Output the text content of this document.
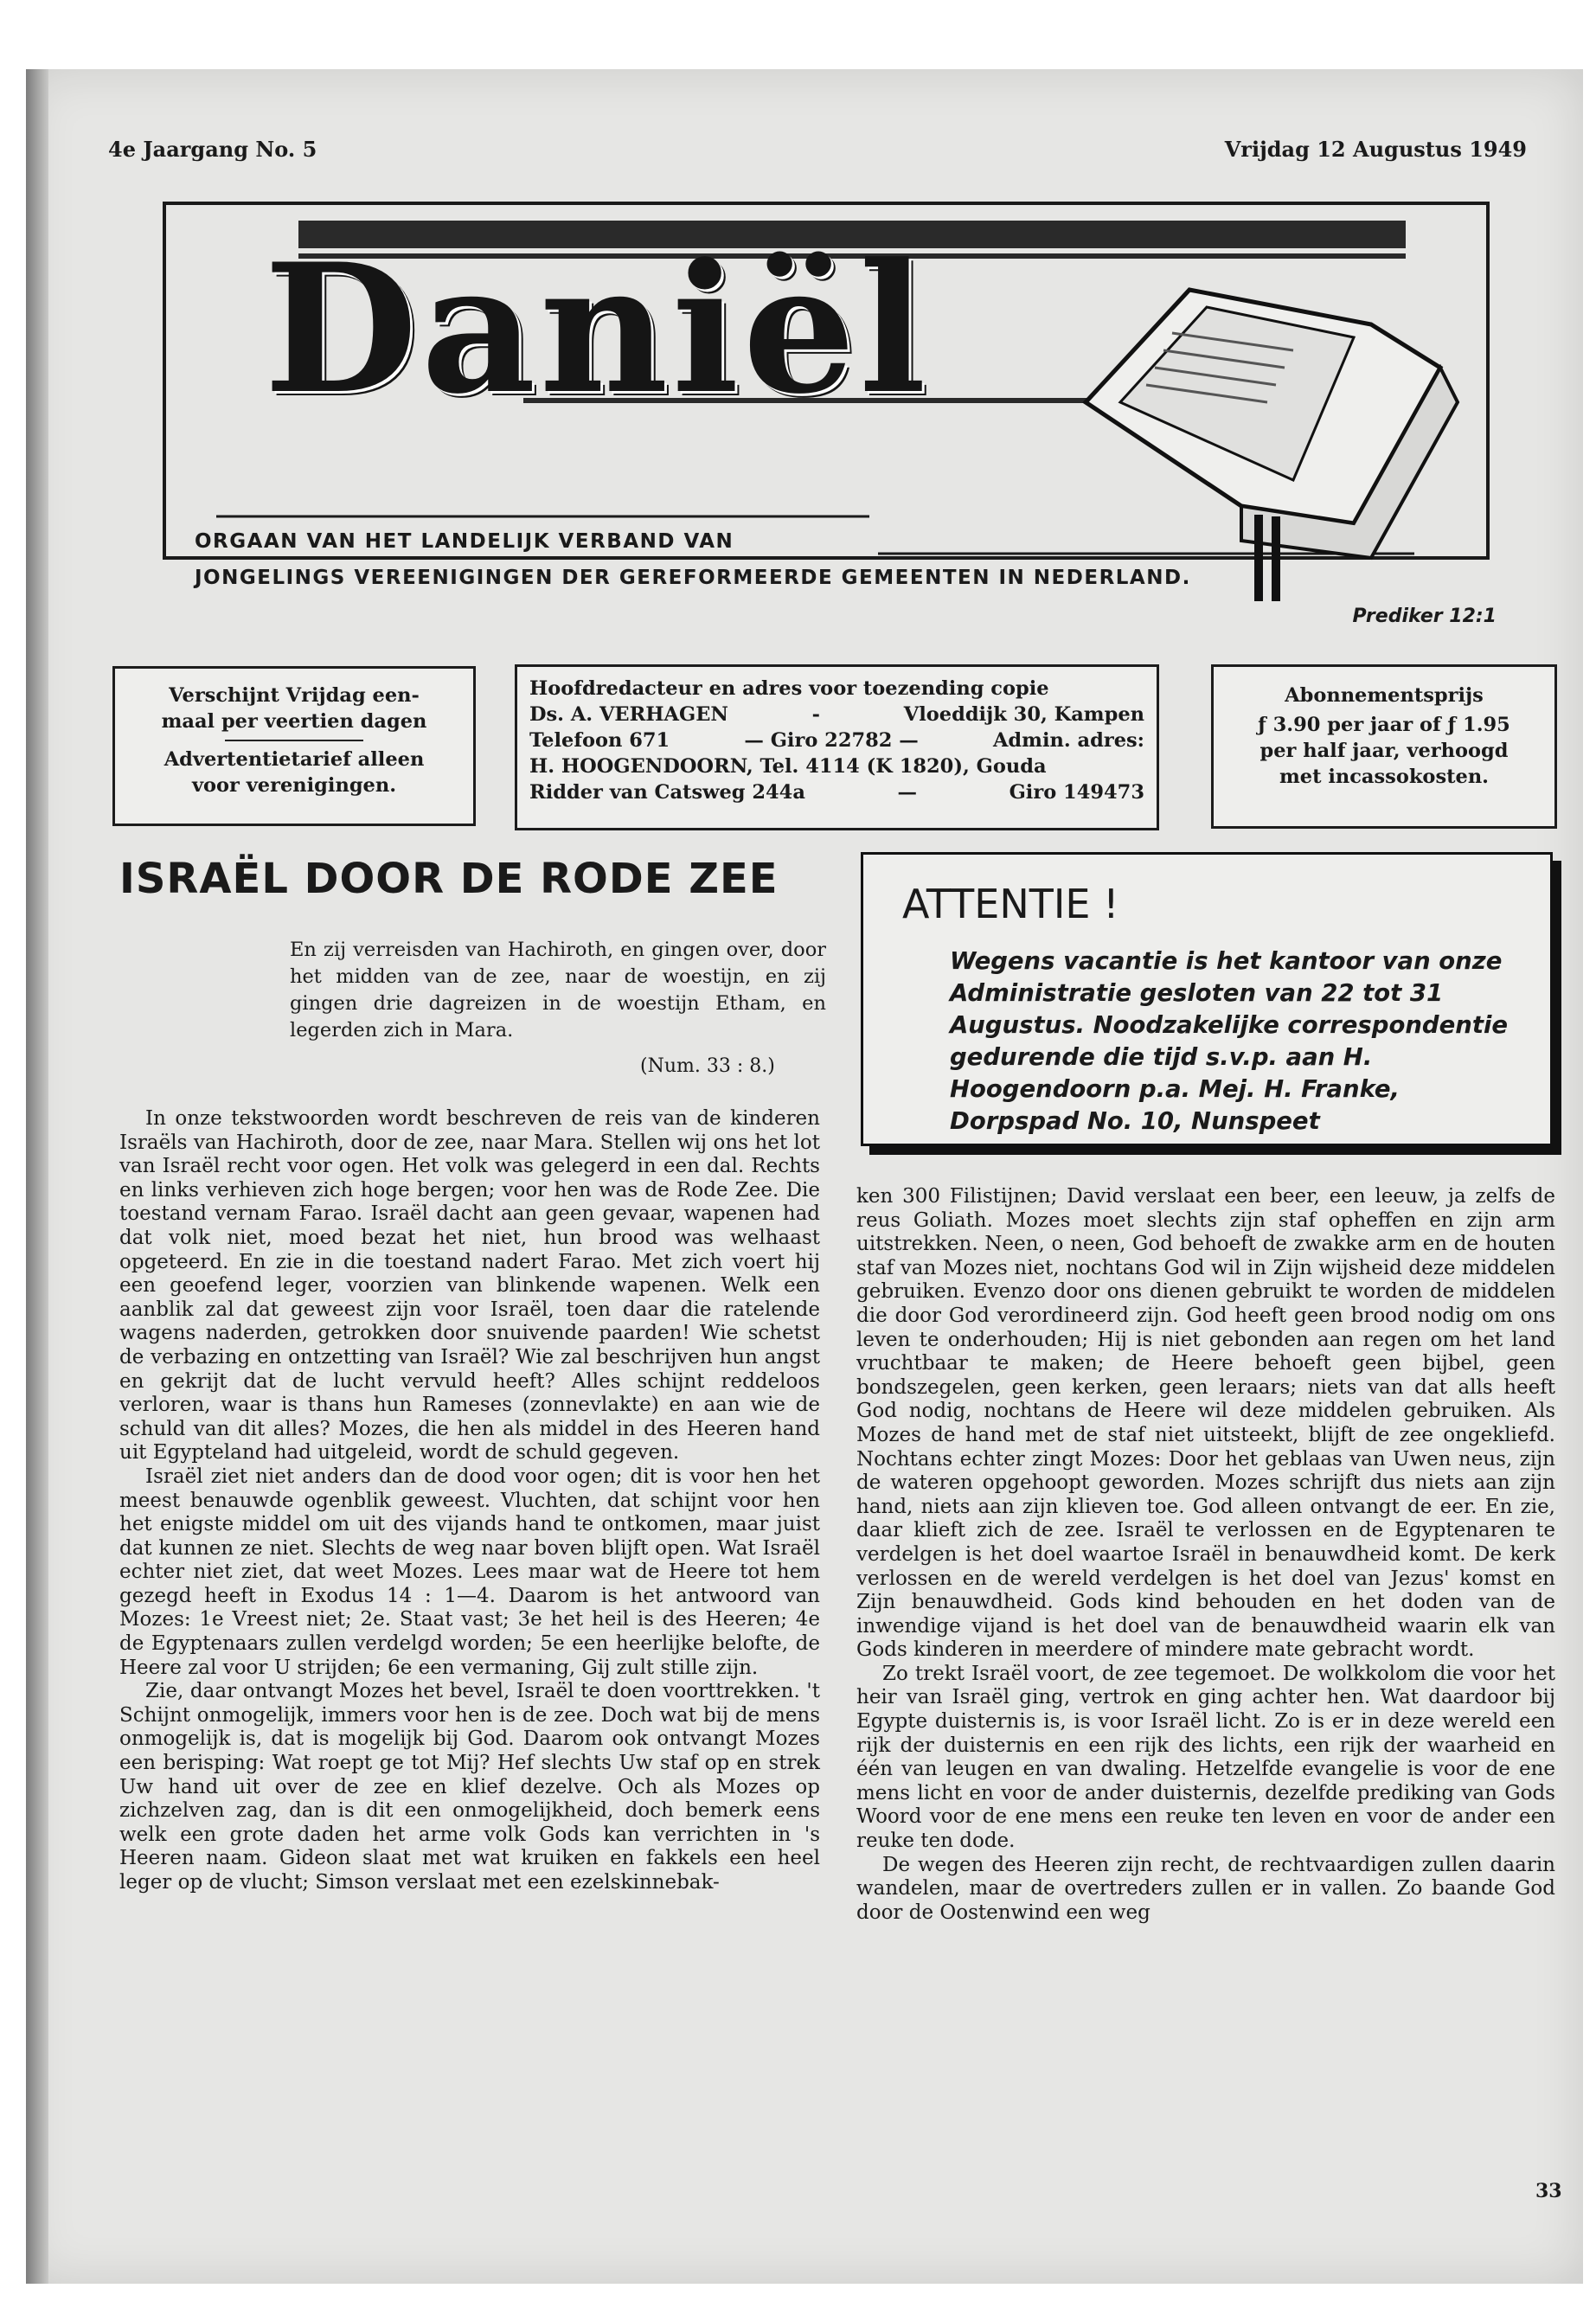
4e Jaargang No. 5	Vrijdag 12 Augustus 1949
Daniël
ORGAAN VAN HET LANDELIJK VERBAND VAN
JONGELINGS VEREENIGINGEN DER GEREFORMEERDE GEMEENTEN IN NEDERLAND.
Prediker 12:1
Verschijnt Vrijdag een-
maal per veertien dagen
Advertentietarief alleen
voor verenigingen.
Hoofdredacteur en adres voor toezending copie
Ds. A. VERHAGEN	-	Vloeddijk 30, Kampen
Telefoon 671	— Giro 22782 —	Admin. adres:
H. HOOGENDOORN, Tel. 4114 (K 1820), Gouda
Ridder van Catsweg 244a	—	Giro 149473
Abonnementsprijs
ƒ 3.90 per jaar of ƒ 1.95
per half jaar, verhoogd
met incassokosten.
ISRAËL DOOR DE RODE ZEE
En zij verreisden van Hachiroth, en gingen over, door het midden van de zee, naar de woestijn, en zij gingen drie dagreizen in de woestijn Etham, en legerden zich in Mara.
(Num. 33 : 8.)
ATTENTIE !
Wegens vacantie is het kantoor van onze Administratie gesloten van 22 tot 31 Augustus. Noodzakelijke correspondentie gedurende die tijd s.v.p. aan H. Hoogendoorn p.a. Mej. H. Franke, Dorpspad No. 10, Nunspeet

In onze tekstwoorden wordt beschreven de reis van de kinderen Israëls van Hachiroth, door de zee, naar Mara. Stellen wij ons het lot van Israël recht voor ogen. Het volk was gelegerd in een dal. Rechts en links verhieven zich hoge bergen; voor hen was de Rode Zee. Die toestand vernam Farao. Israël dacht aan geen gevaar, wapenen had dat volk niet, moed bezat het niet, hun brood was welhaast opgeteerd. En zie in die toestand nadert Farao. Met zich voert hij een geoefend leger, voorzien van blinkende wapenen. Welk een aanblik zal dat geweest zijn voor Israël, toen daar die ratelende wagens naderden, getrokken door snuivende paarden! Wie schetst de verbazing en ontzetting van Israël? Wie zal beschrijven hun angst en gekrijt dat de lucht vervuld heeft? Alles schijnt reddeloos verloren, waar is thans hun Rameses (zonnevlakte) en aan wie de schuld van dit alles? Mozes, die hen als middel in des Heeren hand uit Egypteland had uitgeleid, wordt de schuld gegeven.

Israël ziet niet anders dan de dood voor ogen; dit is voor hen het meest benauwde ogenblik geweest. Vluchten, dat schijnt voor hen het enigste middel om uit des vijands hand te ontkomen, maar juist dat kunnen ze niet. Slechts de weg naar boven blijft open. Wat Israël echter niet ziet, dat weet Mozes. Lees maar wat de Heere tot hem gezegd heeft in Exodus 14 : 1—4. Daarom is het antwoord van Mozes: 1e Vreest niet; 2e. Staat vast; 3e het heil is des Heeren; 4e de Egyptenaars zullen verdelgd worden; 5e een heerlijke belofte, de Heere zal voor U strijden; 6e een vermaning, Gij zult stille zijn.

Zie, daar ontvangt Mozes het bevel, Israël te doen voorttrekken. 't Schijnt onmogelijk, immers voor hen is de zee. Doch wat bij de mens onmogelijk is, dat is mogelijk bij God. Daarom ook ontvangt Mozes een berisping: Wat roept ge tot Mij? Hef slechts Uw staf op en strek Uw hand uit over de zee en klief dezelve. Och als Mozes op zichzelven zag, dan is dit een onmogelijkheid, doch bemerk eens welk een grote daden het arme volk Gods kan verrichten in 's Heeren naam. Gideon slaat met wat kruiken en fakkels een heel leger op de vlucht; Simson verslaat met een ezelskinnebak-

ken 300 Filistijnen; David verslaat een beer, een leeuw, ja zelfs de reus Goliath. Mozes moet slechts zijn staf opheffen en zijn arm uitstrekken. Neen, o neen, God behoeft de zwakke arm en de houten staf van Mozes niet, nochtans God wil in Zijn wijsheid deze middelen gebruiken. Evenzo door ons dienen gebruikt te worden de middelen die door God verordineerd zijn. God heeft geen brood nodig om ons leven te onderhouden; Hij is niet gebonden aan regen om het land vruchtbaar te maken; de Heere behoeft geen bijbel, geen bondszegelen, geen kerken, geen leraars; niets van dat alls heeft God nodig, nochtans de Heere wil deze middelen gebruiken. Als Mozes de hand met de staf niet uitsteekt, blijft de zee ongekliefd. Nochtans echter zingt Mozes: Door het geblaas van Uwen neus, zijn de wateren opgehoopt geworden. Mozes schrijft dus niets aan zijn hand, niets aan zijn klieven toe. God alleen ontvangt de eer. En zie, daar klieft zich de zee. Israël te verlossen en de Egyptenaren te verdelgen is het doel waartoe Israël in benauwdheid komt. De kerk verlossen en de wereld verdelgen is het doel van Jezus' komst en Zijn benauwdheid. Gods kind behouden en het doden van de inwendige vijand is het doel van de benauwdheid waarin elk van Gods kinderen in meerdere of mindere mate gebracht wordt.

Zo trekt Israël voort, de zee tegemoet. De wolkkolom die voor het heir van Israël ging, vertrok en ging achter hen. Wat daardoor bij Egypte duisternis is, is voor Israël licht. Zo is er in deze wereld een rijk der duisternis en een rijk des lichts, een rijk der waarheid en één van leugen en van dwaling. Hetzelfde evangelie is voor de ene mens licht en voor de ander duisternis, dezelfde prediking van Gods Woord voor de ene mens een reuke ten leven en voor de ander een reuke ten dode.

De wegen des Heeren zijn recht, de rechtvaardigen zullen daarin wandelen, maar de overtreders zullen er in vallen. Zo baande God door de Oostenwind een weg

33
